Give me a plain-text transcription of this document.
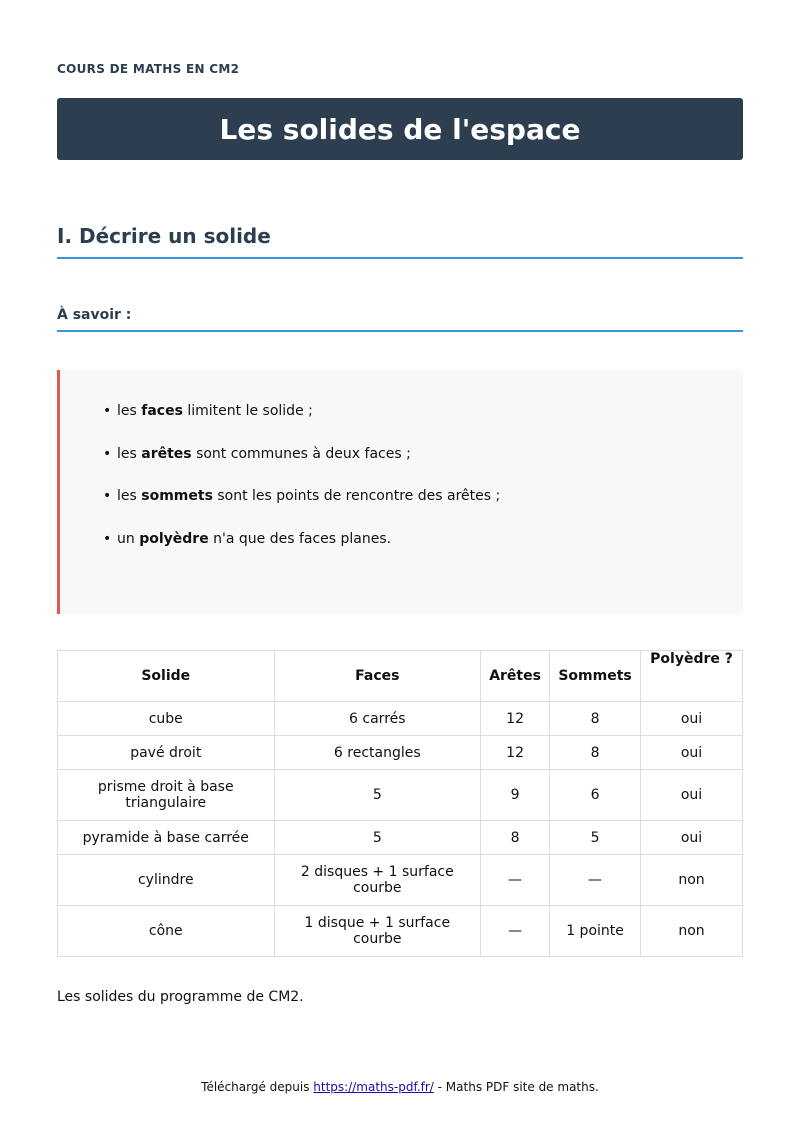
COURS DE MATHS EN CM2
Les solides de l'espace
I. Décrire un solide
À savoir :
• les faces limitent le solide ;
• les arêtes sont communes à deux faces ;
• les sommets sont les points de rencontre des arêtes ;
• un polyèdre n'a que des faces planes.
Solide	Faces	Arêtes	Sommets	Polyèdre ?
cube	6 carrés	12	8	oui
pavé droit	6 rectangles	12	8	oui
prisme droit à base triangulaire	5	9	6	oui
pyramide à base carrée	5	8	5	oui
cylindre	2 disques + 1 surface courbe	—	—	non
cône	1 disque + 1 surface courbe	—	1 pointe	non
Les solides du programme de CM2.
Téléchargé depuis https://maths-pdf.fr/ - Maths PDF site de maths.
